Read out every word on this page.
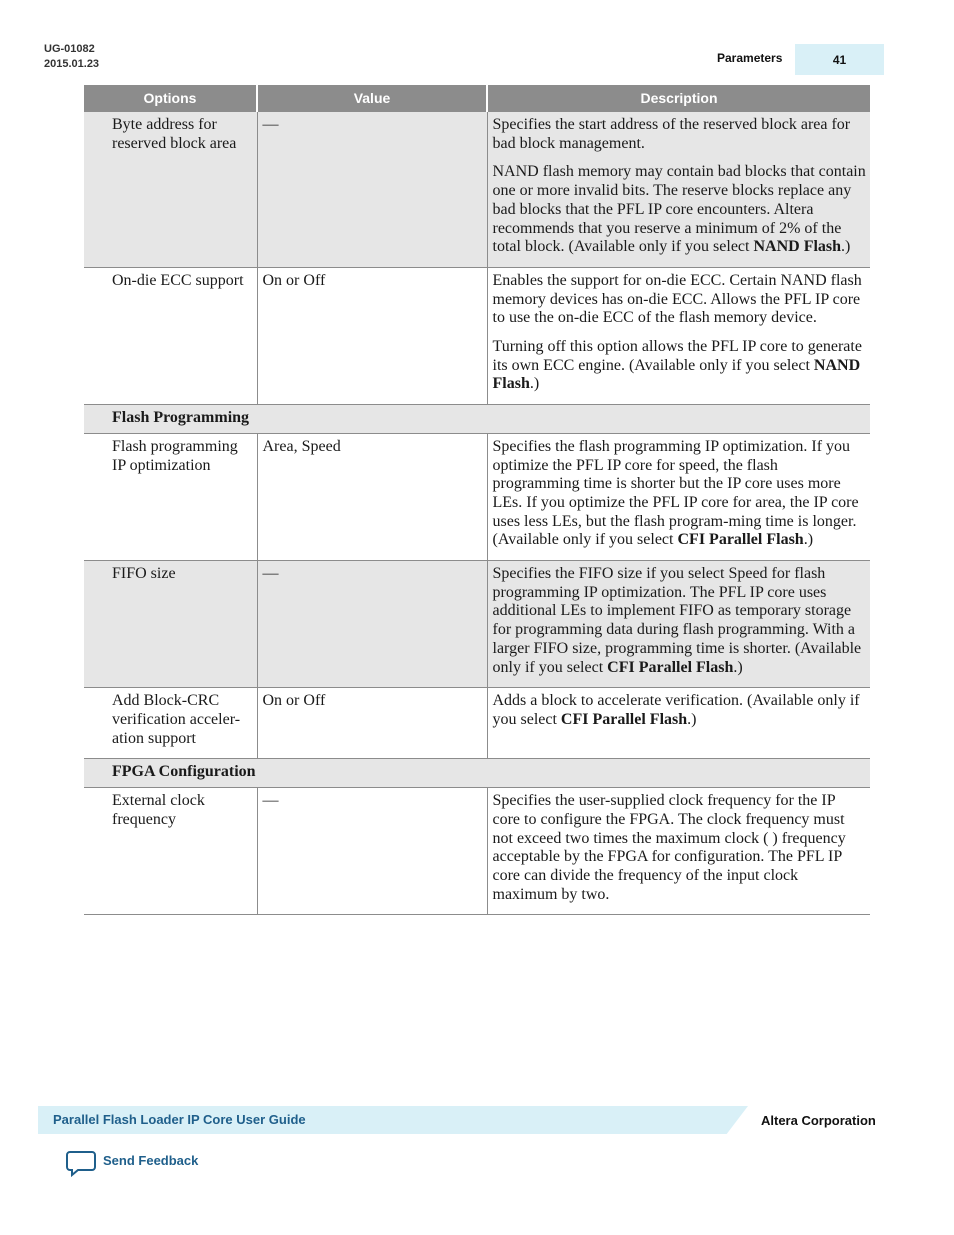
UG-01082
2015.01.23	Parameters	41
Options	Value	Description
Byte address for reserved block area	—	Specifies the start address of the reserved block area for bad block management.

NAND flash memory may contain bad blocks that contain one or more invalid bits. The reserve blocks replace any bad blocks that the PFL IP core encounters. Altera recommends that you reserve a minimum of 2% of the total block. (Available only if you select NAND Flash.)

On-die ECC support	On or Off	Enables the support for on-die ECC. Certain NAND flash memory devices has on-die ECC. Allows the PFL IP core to use the on-die ECC of the flash memory device.

Turning off this option allows the PFL IP core to generate its own ECC engine. (Available only if you select NAND Flash.)

Flash Programming		
Flash programming IP optimization	Area, Speed	Specifies the flash programming IP optimization. If you optimize the PFL IP core for speed, the flash programming time is shorter but the IP core uses more LEs. If you optimize the PFL IP core for area, the IP core uses less LEs, but the flash program-ming time is longer. (Available only if you select CFI Parallel Flash.)

FIFO size	—	Specifies the FIFO size if you select Speed for flash programming IP optimization. The PFL IP core uses additional LEs to implement FIFO as temporary storage for programming data during flash programming. With a larger FIFO size, programming time is shorter. (Available only if you select CFI Parallel Flash.)

Add Block-CRC verification acceler-ation support	On or Off	Adds a block to accelerate verification. (Available only if you select CFI Parallel Flash.)

FPGA Configuration		
External clock frequency	—	Specifies the user-supplied clock frequency for the IP core to configure the FPGA. The clock frequency must not exceed two times the maximum clock ( ) frequency acceptable by the FPGA for configuration. The PFL IP core can divide the frequency of the input clock maximum by two.

Parallel Flash Loader IP Core User Guide	Altera Corporation
Send Feedback
